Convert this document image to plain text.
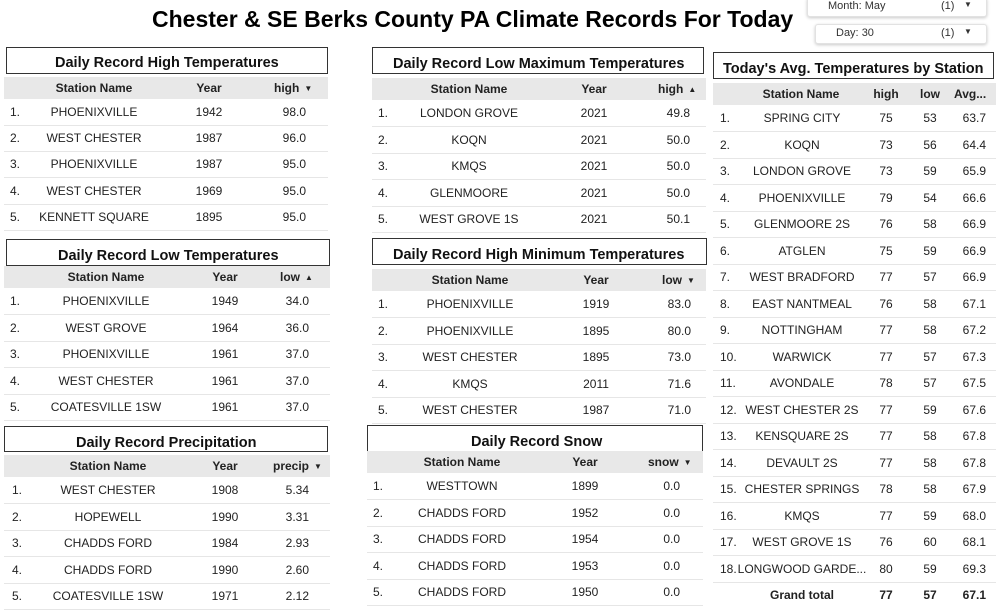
Chester & SE Berks County PA Climate Records For Today	Month: May	(1) ▼
Day: 30	(1) ▼
Daily Record High Temperatures
Daily Record Low Temperatures
Daily Record Precipitation
Daily Record Low Maximum Temperatures
Daily Record High Minimum Temperatures
Daily Record Snow
Today's Avg. Temperatures by Station
Station Name	Year	high ▼
1.	PHOENIXVILLE	1942	98.0
2.	WEST CHESTER	1987	96.0
3.	PHOENIXVILLE	1987	95.0
4.	WEST CHESTER	1969	95.0
5.	KENNETT SQUARE	1895	95.0
Station Name	Year	low ▲
1.	PHOENIXVILLE	1949	34.0
2.	WEST GROVE	1964	36.0
3.	PHOENIXVILLE	1961	37.0
4.	WEST CHESTER	1961	37.0
5.	COATESVILLE 1SW	1961	37.0
Station Name	Year	precip ▼
1.	WEST CHESTER	1908	5.34
2.	HOPEWELL	1990	3.31
3.	CHADDS FORD	1984	2.93
4.	CHADDS FORD	1990	2.60
5.	COATESVILLE 1SW	1971	2.12
Station Name	Year	high ▲
1.	LONDON GROVE	2021	49.8
2.	KOQN	2021	50.0
3.	KMQS	2021	50.0
4.	GLENMOORE	2021	50.0
5.	WEST GROVE 1S	2021	50.1
Station Name	Year	low ▼
1.	PHOENIXVILLE	1919	83.0
2.	PHOENIXVILLE	1895	80.0
3.	WEST CHESTER	1895	73.0
4.	KMQS	2011	71.6
5.	WEST CHESTER	1987	71.0
Station Name	Year	snow ▼
1.	WESTTOWN	1899	0.0
2.	CHADDS FORD	1952	0.0
3.	CHADDS FORD	1954	0.0
4.	CHADDS FORD	1953	0.0
5.	CHADDS FORD	1950	0.0
Station Name	high	low	Avg...
1.	SPRING CITY	75	53	63.7
2.	KOQN	73	56	64.4
3.	LONDON GROVE	73	59	65.9
4.	PHOENIXVILLE	79	54	66.6
5.	GLENMOORE 2S	76	58	66.9
6.	ATGLEN	75	59	66.9
7.	WEST BRADFORD	77	57	66.9
8.	EAST NANTMEAL	76	58	67.1
9.	NOTTINGHAM	77	58	67.2
10.	WARWICK	77	57	67.3
11.	AVONDALE	78	57	67.5
12. WEST CHESTER 2S	77	59	67.6
13.	KENSQUARE 2S	77	58	67.8
14.	DEVAULT 2S	77	58	67.8
15. CHESTER SPRINGS	78	58	67.9
16.	KMQS	77	59	68.0
17.	WEST GROVE 1S	76	60	68.1
18. LONGWOOD GARDE...	80	59	69.3
Grand total	77	57	67.1
